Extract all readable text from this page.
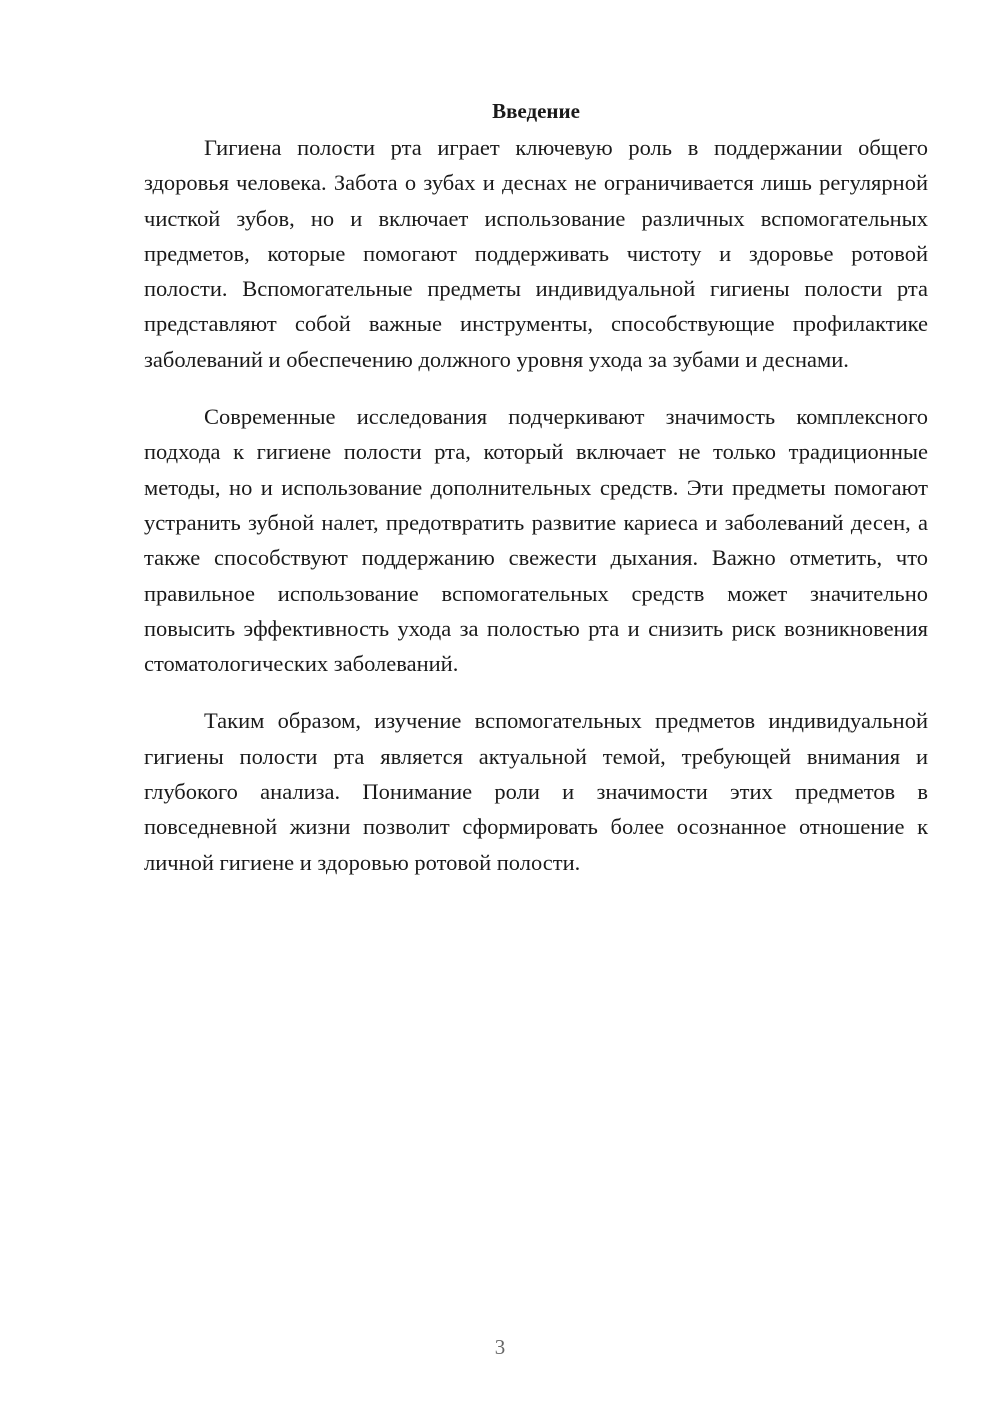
Введение

Гигиена полости рта играет ключевую роль в поддержании общего здоровья человека. Забота о зубах и деснах не ограничивается лишь регулярной чисткой зубов, но и включает использование различных вспомогательных предметов, которые помогают поддерживать чистоту и здоровье ротовой полости. Вспомогательные предметы индивидуальной гигиены полости рта представляют собой важные инструменты, способствующие профилактике заболеваний и обеспечению должного уровня ухода за зубами и деснами.

Современные исследования подчеркивают значимость комплексного подхода к гигиене полости рта, который включает не только традиционные методы, но и использование дополнительных средств. Эти предметы помогают устранить зубной налет, предотвратить развитие кариеса и заболеваний десен, а также способствуют поддержанию свежести дыхания. Важно отметить, что правильное использование вспомогательных средств может значительно повысить эффективность ухода за полостью рта и снизить риск возникновения стоматологических заболеваний.

Таким образом, изучение вспомогательных предметов индивидуальной гигиены полости рта является актуальной темой, требующей внимания и глубокого анализа. Понимание роли и значимости этих предметов в повседневной жизни позволит сформировать более осознанное отношение к личной гигиене и здоровью ротовой полости.

3
